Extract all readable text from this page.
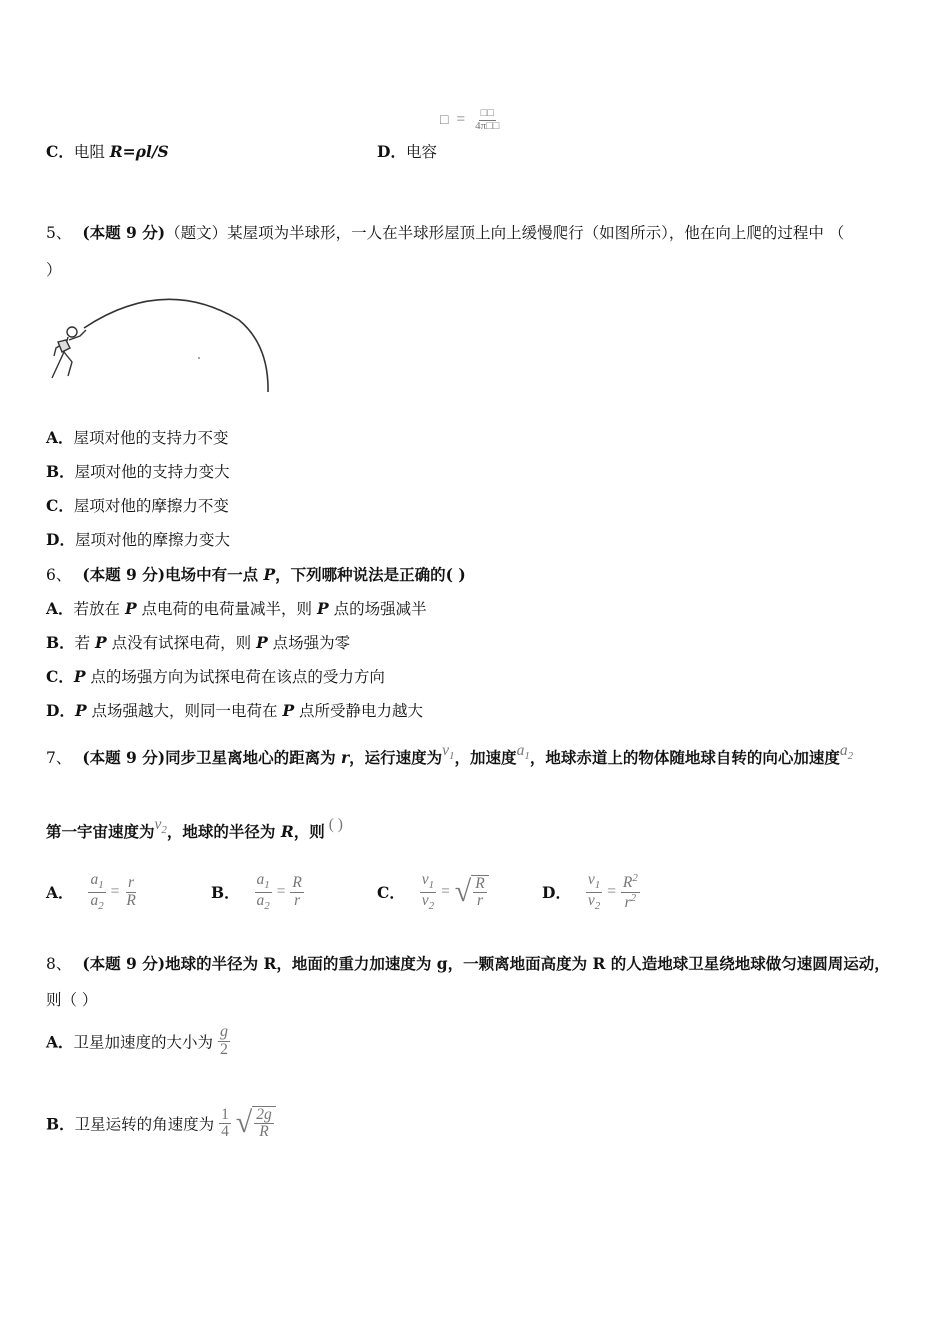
□ = $\frac{□□}{4\pi□□}$
C．电阻 R=ρl/S	D．电容
5、 (本题 9 分)（题文）某屋项为半球形，一人在半球形屋顶上向上缓慢爬行（如图所示），他在向上爬的过程中 （
）
A．屋项对他的支持力不变
B．屋项对他的支持力变大
C．屋项对他的摩擦力不变
D．屋项对他的摩擦力变大
6、 (本题 9 分)电场中有一点 P，下列哪种说法是正确的( )
A．若放在 P 点电荷的电荷量减半，则 P 点的场强减半
B．若 P 点没有试探电荷，则 P 点场强为零
C．P 点的场强方向为试探电荷在该点的受力方向
D．P 点场强越大，则同一电荷在 P 点所受静电力越大
7、 (本题 9 分)同步卫星离地心的距离为 r，运行速度为$v_1$，加速度$a_1$，地球赤道上的物体随地球自转的向心加速度$a_2$
第一宇宙速度为$v_2$，地球的半径为 R，则 ( )
A． $\frac{a_1}{a_2} = \frac{r}{R}$	B． $\frac{a_1}{a_2} = \frac{R}{r}$	C． $\frac{v_1}{v_2}$ = √ $\frac{R}{r}$	D． $\frac{v_1}{v_2} = \frac{R^2}{r^2}$
8、 (本题 9 分)地球的半径为 R，地面的重力加速度为 g，一颗离地面高度为 R 的人造地球卫星绕地球做匀速圆周运动，
则（ ）
A．卫星加速度的大小为 $\frac{g}{2}$
B．卫星运转的角速度为 $\frac{1}{4}$
√ $\frac{2g}{R}$
